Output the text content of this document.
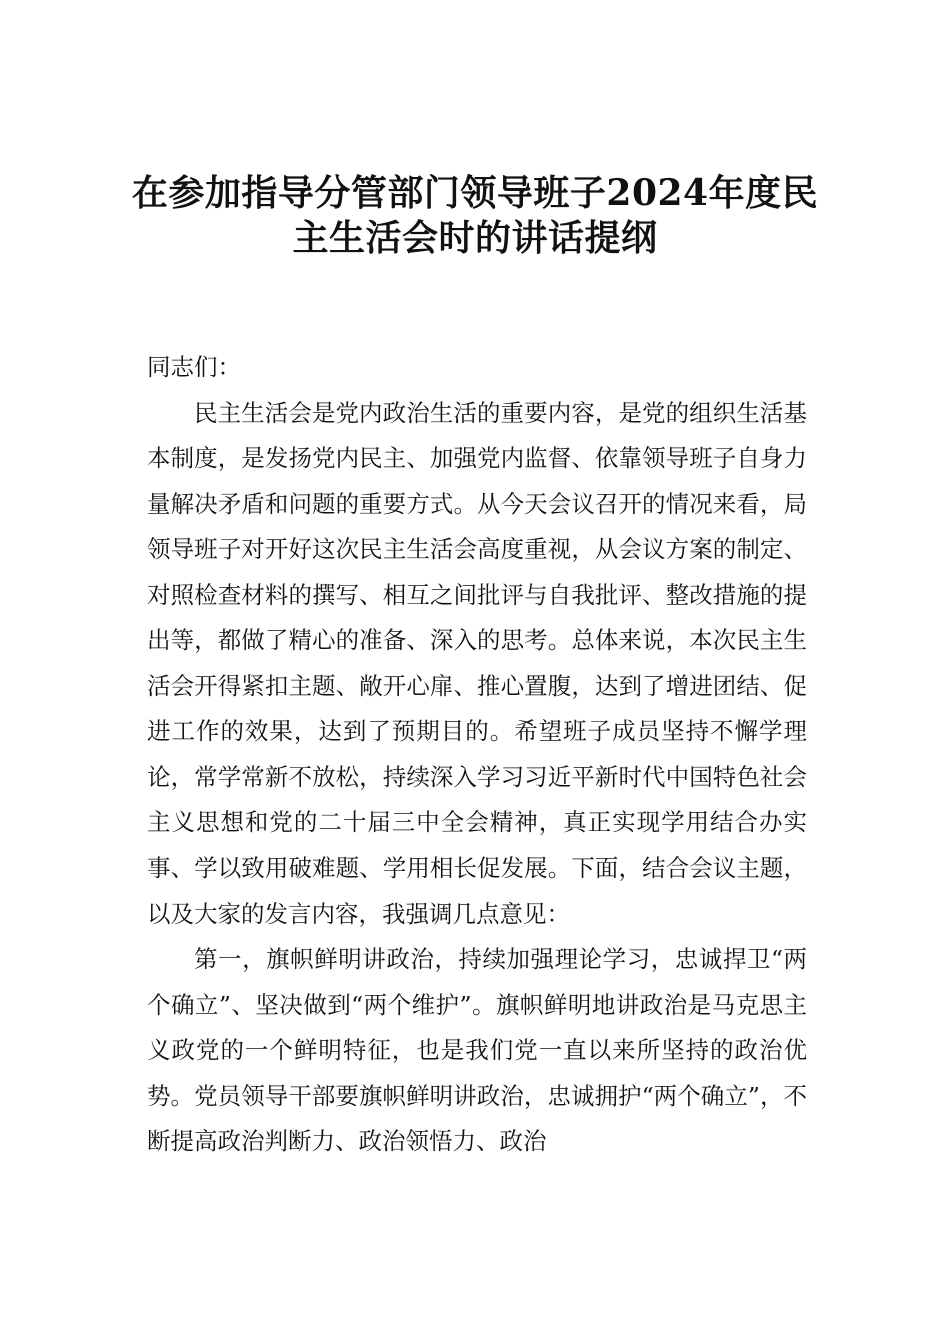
在参加指导分管部门领导班子2024年度民
主生活会时的讲话提纲

同志们：

民主生活会是党内政治生活的重要内容，是党的组织生活基本制度，是发扬党内民主、加强党内监督、依靠领导班子自身力量解决矛盾和问题的重要方式。从今天会议召开的情况来看，局领导班子对开好这次民主生活会高度重视，从会议方案的制定、对照检查材料的撰写、相互之间批评与自我批评、整改措施的提出等，都做了精心的准备、深入的思考。总体来说，本次民主生活会开得紧扣主题、敞开心扉、推心置腹，达到了增进团结、促进工作的效果，达到了预期目的。希望班子成员坚持不懈学理论，常学常新不放松，持续深入学习习近平新时代中国特色社会主义思想和党的二十届三中全会精神，真正实现学用结合办实事、学以致用破难题、学用相长促发展。下面，结合会议主题，以及大家的发言内容，我强调几点意见：

第一，旗帜鲜明讲政治，持续加强理论学习，忠诚捍卫“两个确立”、坚决做到“两个维护”。旗帜鲜明地讲政治是马克思主义政党的一个鲜明特征，也是我们党一直以来所坚持的政治优势。党员领导干部要旗帜鲜明讲政治，忠诚拥护“两个确立”，不断提高政治判断力、政治领悟力、政治
